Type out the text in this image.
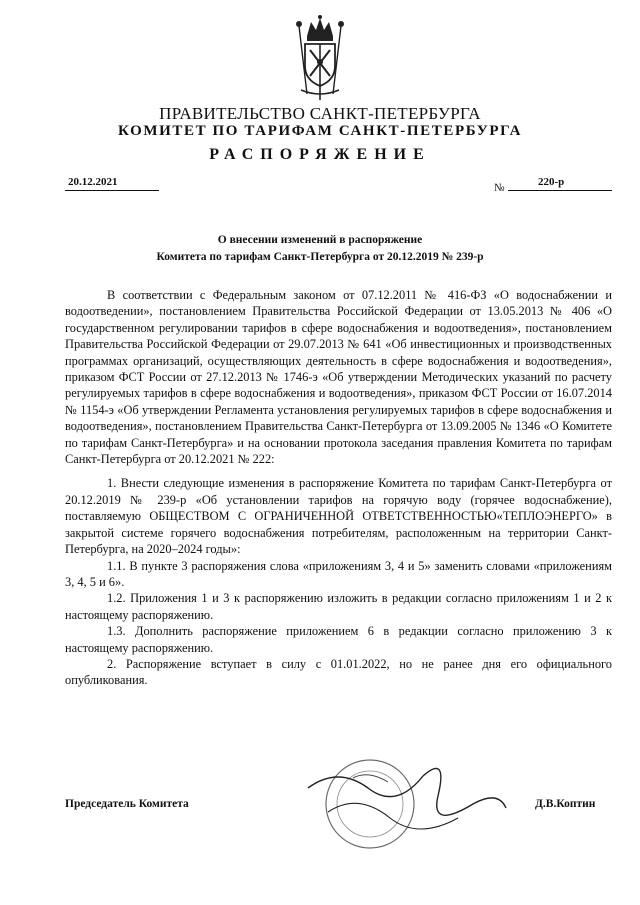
ПРАВИТЕЛЬСТВО САНКТ-ПЕТЕРБУРГА
КОМИТЕТ ПО ТАРИФАМ САНКТ-ПЕТЕРБУРГА
РАСПОРЯЖЕНИЕ
20.12.2021	№	220-р
О внесении изменений в распоряжение
Комитета по тарифам Санкт-Петербурга от 20.12.2019 № 239-р

В соответствии с Федеральным законом от 07.12.2011 № 416-ФЗ «О водоснабжении и водоотведении», постановлением Правительства Российской Федерации от 13.05.2013 № 406 «О государственном регулировании тарифов в сфере водоснабжения и водоотведения», постановлением Правительства Российской Федерации от 29.07.2013 № 641 «Об инвестиционных и производственных программах организаций, осуществляющих деятельность в сфере водоснабжения и водоотведения», приказом ФСТ России от 27.12.2013 № 1746-э «Об утверждении Методических указаний по расчету регулируемых тарифов в сфере водоснабжения и водоотведения», приказом ФСТ России от 16.07.2014 № 1154-э «Об утверждении Регламента установления регулируемых тарифов в сфере водоснабжения и водоотведения», постановлением Правительства Санкт-Петербурга от 13.09.2005 № 1346 «О Комитете по тарифам Санкт-Петербурга» и на основании протокола заседания правления Комитета по тарифам Санкт-Петербурга от 20.12.2021 № 222:

1. Внести следующие изменения в распоряжение Комитета по тарифам Санкт-Петербурга от 20.12.2019 № 239-р «Об установлении тарифов на горячую воду (горячее водоснабжение), поставляемую ОБЩЕСТВОМ С ОГРАНИЧЕННОЙ ОТВЕТСТВЕННОСТЬЮ«ТЕПЛОЭНЕРГО» в закрытой системе горячего водоснабжения потребителям, расположенным на территории Санкт-Петербурга, на 2020–2024 годы»:

1.1. В пункте 3 распоряжения слова «приложениям 3, 4 и 5» заменить словами «приложениям 3, 4, 5 и 6».

1.2. Приложения 1 и 3 к распоряжению изложить в редакции согласно приложениям 1 и 2 к настоящему распоряжению.

1.3. Дополнить распоряжение приложением 6 в редакции согласно приложению 3 к настоящему распоряжению.

2. Распоряжение вступает в силу с 01.01.2022, но не ранее дня его официального опубликования.

Председатель Комитета	Д.В.Коптин
